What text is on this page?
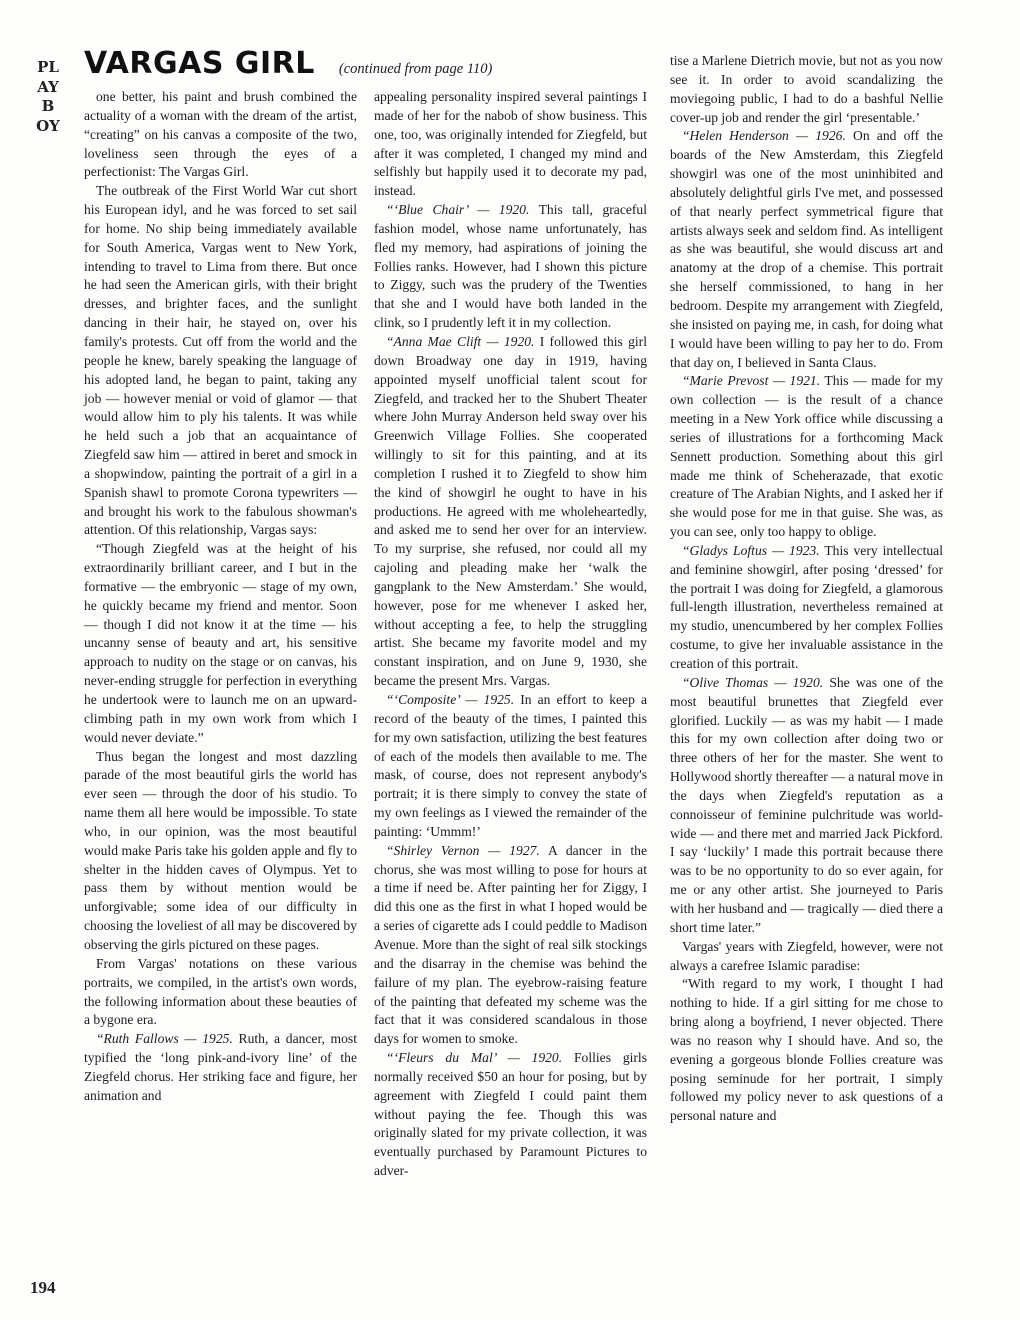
PLAYBOY
VARGAS GIRL (continued from page 110)

one better, his paint and brush combined the actuality of a woman with the dream of the artist, “creating” on his canvas a composite of the two, loveliness seen through the eyes of a perfectionist: The Vargas Girl.

The outbreak of the First World War cut short his European idyl, and he was forced to set sail for home. No ship being immediately available for South America, Vargas went to New York, intending to travel to Lima from there. But once he had seen the American girls, with their bright dresses, and brighter faces, and the sunlight dancing in their hair, he stayed on, over his family's protests. Cut off from the world and the people he knew, barely speaking the language of his adopted land, he began to paint, taking any job — however menial or void of glamor — that would allow him to ply his talents. It was while he held such a job that an acquaintance of Ziegfeld saw him — attired in beret and smock in a shopwindow, painting the portrait of a girl in a Spanish shawl to promote Corona typewriters — and brought his work to the fabulous showman's attention. Of this relationship, Vargas says:

“Though Ziegfeld was at the height of his extraordinarily brilliant career, and I but in the formative — the embryonic — stage of my own, he quickly became my friend and mentor. Soon — though I did not know it at the time — his uncanny sense of beauty and art, his sensitive approach to nudity on the stage or on canvas, his never-ending struggle for perfection in everything he undertook were to launch me on an upward-climbing path in my own work from which I would never deviate.”

Thus began the longest and most dazzling parade of the most beautiful girls the world has ever seen — through the door of his studio. To name them all here would be impossible. To state who, in our opinion, was the most beautiful would make Paris take his golden apple and fly to shelter in the hidden caves of Olympus. Yet to pass them by without mention would be unforgivable; some idea of our difficulty in choosing the loveliest of all may be discovered by observing the girls pictured on these pages.

From Vargas' notations on these various portraits, we compiled, in the artist's own words, the following information about these beauties of a bygone era.

“Ruth Fallows — 1925. Ruth, a dancer, most typified the ‘long pink-and-ivory line’ of the Ziegfeld chorus. Her striking face and figure, her animation and

appealing personality inspired several paintings I made of her for the nabob of show business. This one, too, was originally intended for Ziegfeld, but after it was completed, I changed my mind and selfishly but happily used it to decorate my pad, instead.

“‘Blue Chair’ — 1920. This tall, graceful fashion model, whose name unfortunately, has fled my memory, had aspirations of joining the Follies ranks. However, had I shown this picture to Ziggy, such was the prudery of the Twenties that she and I would have both landed in the clink, so I prudently left it in my collection.

“Anna Mae Clift — 1920. I followed this girl down Broadway one day in 1919, having appointed myself unofficial talent scout for Ziegfeld, and tracked her to the Shubert Theater where John Murray Anderson held sway over his Greenwich Village Follies. She cooperated willingly to sit for this painting, and at its completion I rushed it to Ziegfeld to show him the kind of showgirl he ought to have in his productions. He agreed with me wholeheartedly, and asked me to send her over for an interview. To my surprise, she refused, nor could all my cajoling and pleading make her ‘walk the gangplank to the New Amsterdam.’ She would, however, pose for me whenever I asked her, without accepting a fee, to help the struggling artist. She became my favorite model and my constant inspiration, and on June 9, 1930, she became the present Mrs. Vargas.

“‘Composite’ — 1925. In an effort to keep a record of the beauty of the times, I painted this for my own satisfaction, utilizing the best features of each of the models then available to me. The mask, of course, does not represent anybody's portrait; it is there simply to convey the state of my own feelings as I viewed the remainder of the painting: ‘Ummm!’

“Shirley Vernon — 1927. A dancer in the chorus, she was most willing to pose for hours at a time if need be. After painting her for Ziggy, I did this one as the first in what I hoped would be a series of cigarette ads I could peddle to Madison Avenue. More than the sight of real silk stockings and the disarray in the chemise was behind the failure of my plan. The eyebrow-raising feature of the painting that defeated my scheme was the fact that it was considered scandalous in those days for women to smoke.

“‘Fleurs du Mal’ — 1920. Follies girls normally received $50 an hour for posing, but by agreement with Ziegfeld I could paint them without paying the fee. Though this was originally slated for my private collection, it was eventually purchased by Paramount Pictures to adver-

tise a Marlene Dietrich movie, but not as you now see it. In order to avoid scandalizing the moviegoing public, I had to do a bashful Nellie cover-up job and render the girl ‘presentable.’

“Helen Henderson — 1926. On and off the boards of the New Amsterdam, this Ziegfeld showgirl was one of the most uninhibited and absolutely delightful girls I've met, and possessed of that nearly perfect symmetrical figure that artists always seek and seldom find. As intelligent as she was beautiful, she would discuss art and anatomy at the drop of a chemise. This portrait she herself commissioned, to hang in her bedroom. Despite my arrangement with Ziegfeld, she insisted on paying me, in cash, for doing what I would have been willing to pay her to do. From that day on, I believed in Santa Claus.

“Marie Prevost — 1921. This — made for my own collection — is the result of a chance meeting in a New York office while discussing a series of illustrations for a forthcoming Mack Sennett production. Something about this girl made me think of Scheherazade, that exotic creature of The Arabian Nights, and I asked her if she would pose for me in that guise. She was, as you can see, only too happy to oblige.

“Gladys Loftus — 1923. This very intellectual and feminine showgirl, after posing ‘dressed’ for the portrait I was doing for Ziegfeld, a glamorous full-length illustration, nevertheless remained at my studio, unencumbered by her complex Follies costume, to give her invaluable assistance in the creation of this portrait.

“Olive Thomas — 1920. She was one of the most beautiful brunettes that Ziegfeld ever glorified. Luckily — as was my habit — I made this for my own collection after doing two or three others of her for the master. She went to Hollywood shortly thereafter — a natural move in the days when Ziegfeld's reputation as a connoisseur of feminine pulchritude was world-wide — and there met and married Jack Pickford. I say ‘luckily’ I made this portrait because there was to be no opportunity to do so ever again, for me or any other artist. She journeyed to Paris with her husband and — tragically — died there a short time later.”

Vargas' years with Ziegfeld, however, were not always a carefree Islamic paradise:

“With regard to my work, I thought I had nothing to hide. If a girl sitting for me chose to bring along a boyfriend, I never objected. There was no reason why I should have. And so, the evening a gorgeous blonde Follies creature was posing seminude for her portrait, I simply followed my policy never to ask questions of a personal nature and

194
